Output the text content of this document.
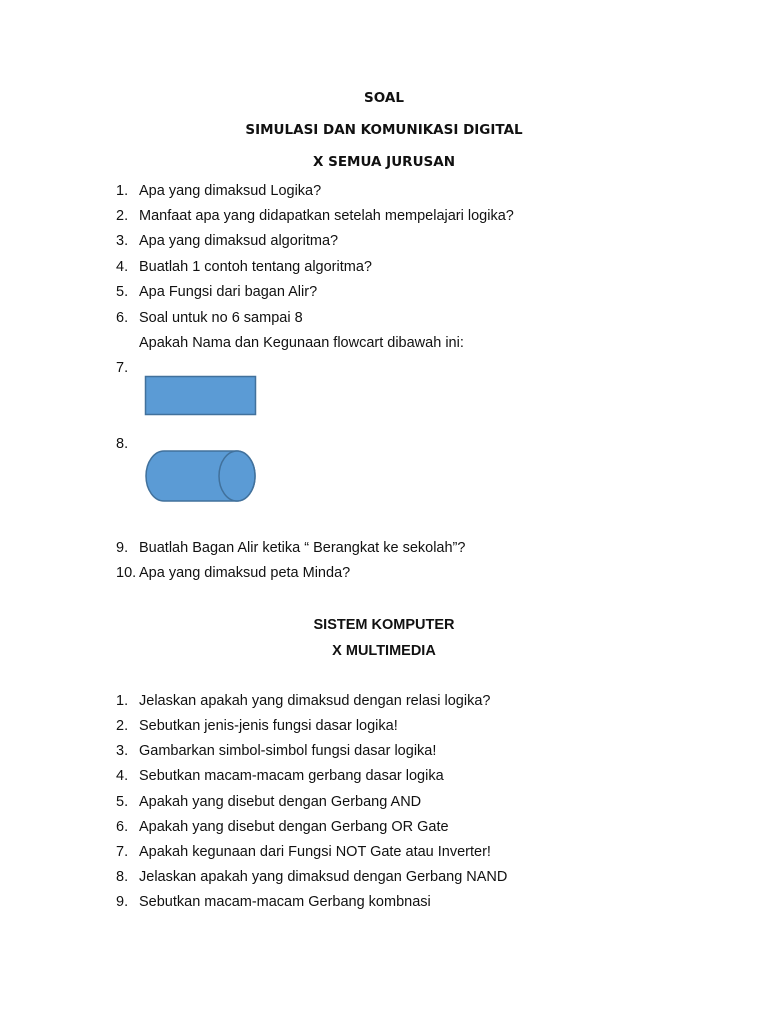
SOAL
SIMULASI DAN KOMUNIKASI DIGITAL
X SEMUA JURUSAN
1. Apa yang dimaksud Logika?
2. Manfaat apa yang didapatkan setelah mempelajari logika?
3. Apa yang dimaksud algoritma?
4. Buatlah 1 contoh tentang algoritma?
5. Apa Fungsi dari bagan Alir?
6. Soal untuk no 6 sampai 8
Apakah Nama dan Kegunaan flowcart dibawah ini:
7.
8.
9. Buatlah Bagan Alir ketika “ Berangkat ke sekolah”?
10. Apa yang dimaksud peta Minda?
SISTEM KOMPUTER
X MULTIMEDIA
1. Jelaskan apakah yang dimaksud dengan relasi logika?
2. Sebutkan jenis-jenis fungsi dasar logika!
3. Gambarkan simbol-simbol fungsi dasar logika!
4. Sebutkan macam-macam gerbang dasar logika
5. Apakah yang disebut dengan Gerbang AND
6. Apakah yang disebut dengan Gerbang OR Gate
7. Apakah kegunaan dari Fungsi NOT Gate atau Inverter!
8. Jelaskan apakah yang dimaksud dengan Gerbang NAND
9. Sebutkan macam-macam Gerbang kombnasi
